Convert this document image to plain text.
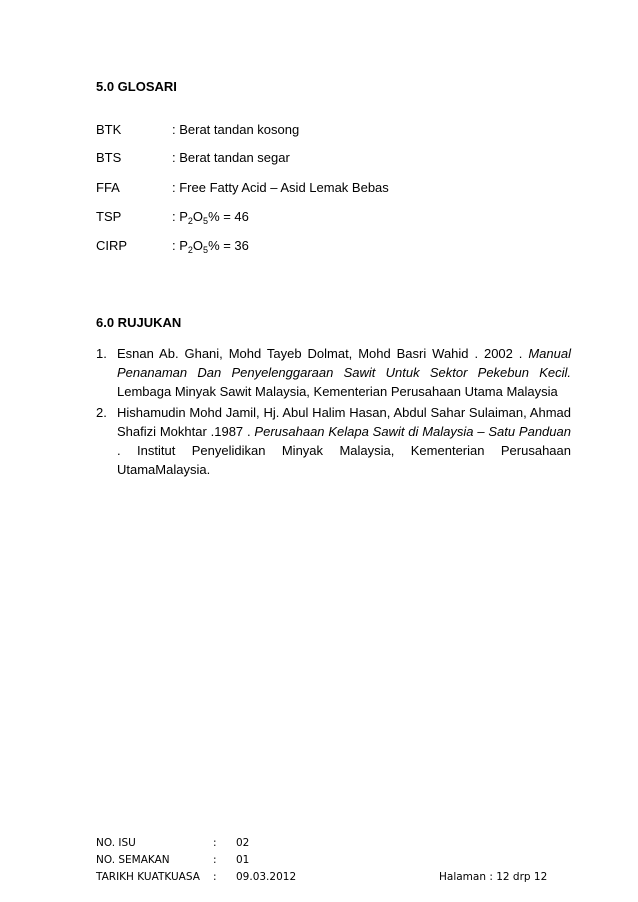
5.0 GLOSARI
BTK	: Berat tandan kosong
BTS	: Berat tandan segar
FFA	: Free Fatty Acid – Asid Lemak Bebas
TSP	: $P_2O_5\% = 46$
CIRP	: $P_2O_5\% = 36$
6.0 RUJUKAN
1. Esnan Ab. Ghani, Mohd Tayeb Dolmat, Mohd Basri Wahid . 2002 . Manual Penanaman Dan Penyelenggaraan Sawit Untuk Sektor Pekebun Kecil. Lembaga Minyak Sawit Malaysia, Kementerian Perusahaan Utama Malaysia
2. Hishamudin Mohd Jamil, Hj. Abul Halim Hasan, Abdul Sahar Sulaiman, Ahmad Shafizi Mokhtar .1987 . Perusahaan Kelapa Sawit di Malaysia – Satu Panduan . Institut Penyelidikan Minyak Malaysia, Kementerian Perusahaan UtamaMalaysia.
NO. ISU	: 02
NO. SEMAKAN	: 01
TARIKH KUATKUASA : 09.03.2012	Halaman : 12 drp 12
